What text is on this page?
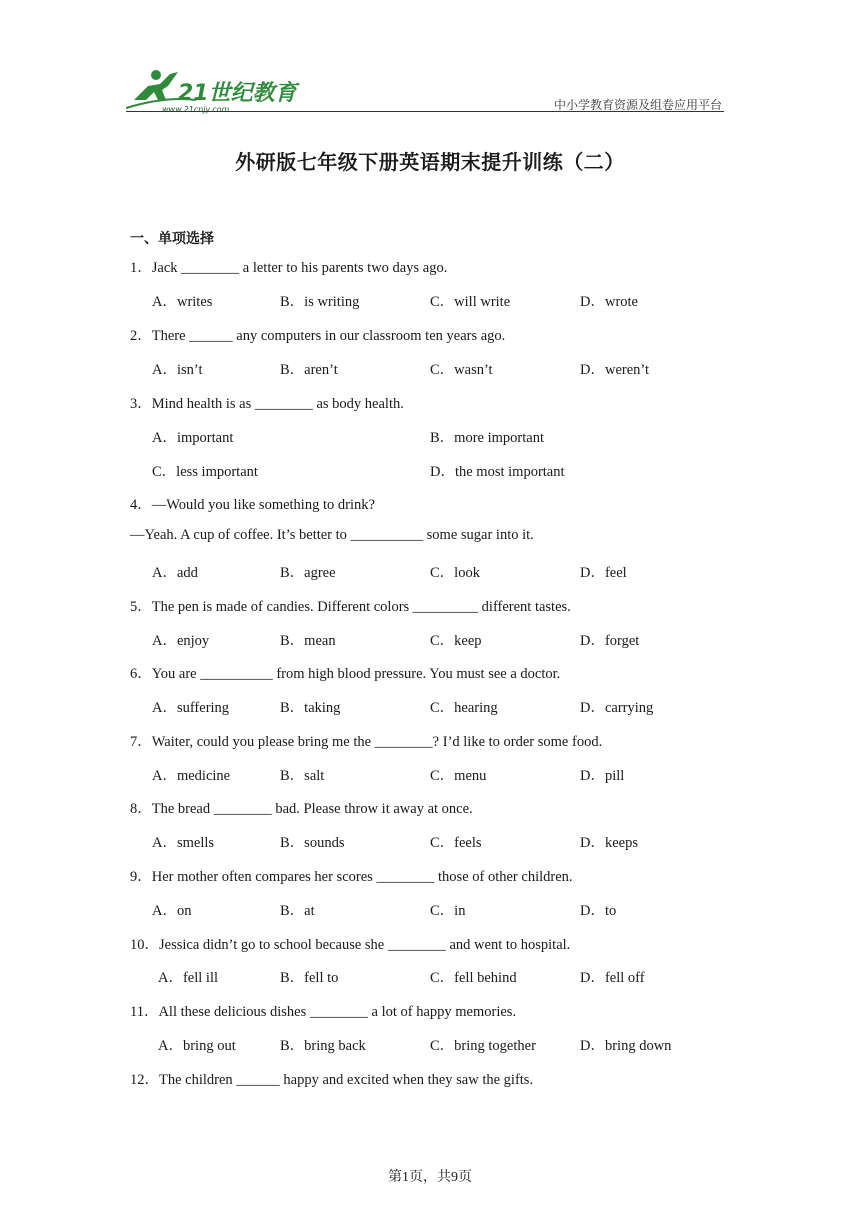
21世纪教育
www.21cnjy.com	中小学教育资源及组卷应用平台
外研版七年级下册英语期末提升训练（二）
一、单项选择
1．Jack ________ a letter to his parents two days ago.
A．writes	B．is writing	C．will write	D．wrote
2．There ______ any computers in our classroom ten years ago.
A．isn’t	B．aren’t	C．wasn’t	D．weren’t
3．Mind health is as ________ as body health.
A．important	B．more important
C．less important	D．the most important
4．—Would you like something to drink?
—Yeah. A cup of coffee. It’s better to __________ some sugar into it.
A．add	B．agree	C．look	D．feel
5．The pen is made of candies. Different colors _________ different tastes.
A．enjoy	B．mean	C．keep	D．forget
6．You are __________ from high blood pressure. You must see a doctor.
A．suffering	B．taking	C．hearing	D．carrying
7．Waiter, could you please bring me the ________? I’d like to order some food.
A．medicine	B．salt	C．menu	D．pill
8．The bread ________ bad. Please throw it away at once.
A．smells	B．sounds	C．feels	D．keeps
9．Her mother often compares her scores ________ those of other children.
A．on	B．at	C．in	D．to
10．Jessica didn’t go to school because she ________ and went to hospital.
A．fell ill	B．fell to	C．fell behind	D．fell off
11．All these delicious dishes ________ a lot of happy memories.
A．bring out	B．bring back	C．bring together	D．bring down
12．The children ______ happy and excited when they saw the gifts.
第1页，共9页
